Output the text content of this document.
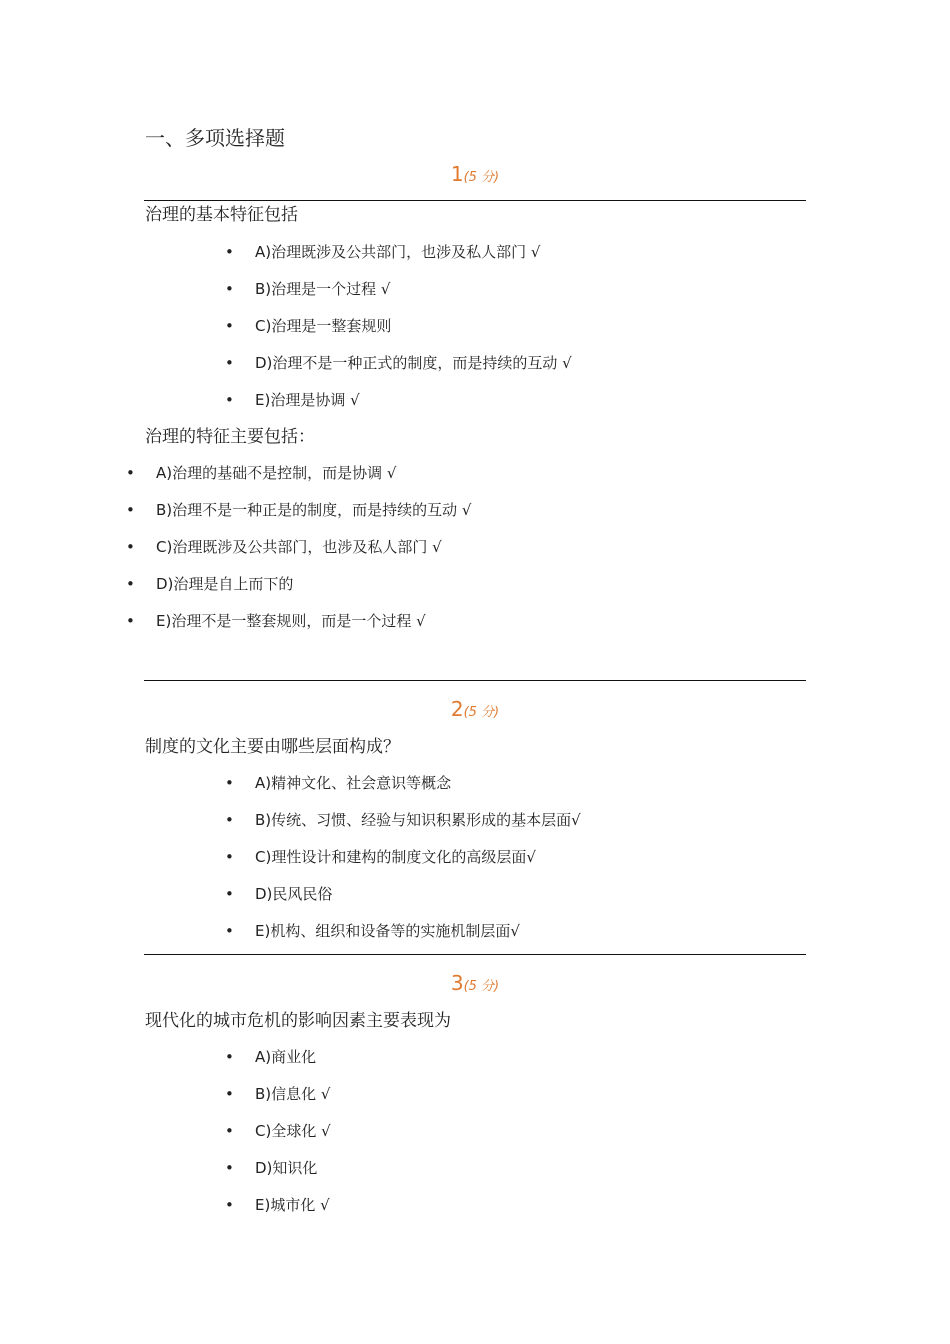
一、多项选择题
1(5 分)
治理的基本特征包括
• A)治理既涉及公共部门，也涉及私人部门 √
• B)治理是一个过程 √
• C)治理是一整套规则
• D)治理不是一种正式的制度，而是持续的互动 √
• E)治理是协调 √
治理的特征主要包括：
• A)治理的基础不是控制，而是协调 √
• B)治理不是一种正是的制度，而是持续的互动 √
• C)治理既涉及公共部门，也涉及私人部门 √
• D)治理是自上而下的
• E)治理不是一整套规则，而是一个过程 √
2(5 分)
制度的文化主要由哪些层面构成？
• A)精神文化、社会意识等概念
• B)传统、习惯、经验与知识积累形成的基本层面√
• C)理性设计和建构的制度文化的高级层面√
• D)民风民俗
• E)机构、组织和设备等的实施机制层面√
3(5 分)
现代化的城市危机的影响因素主要表现为
• A)商业化
• B)信息化 √
• C)全球化 √
• D)知识化
• E)城市化 √
